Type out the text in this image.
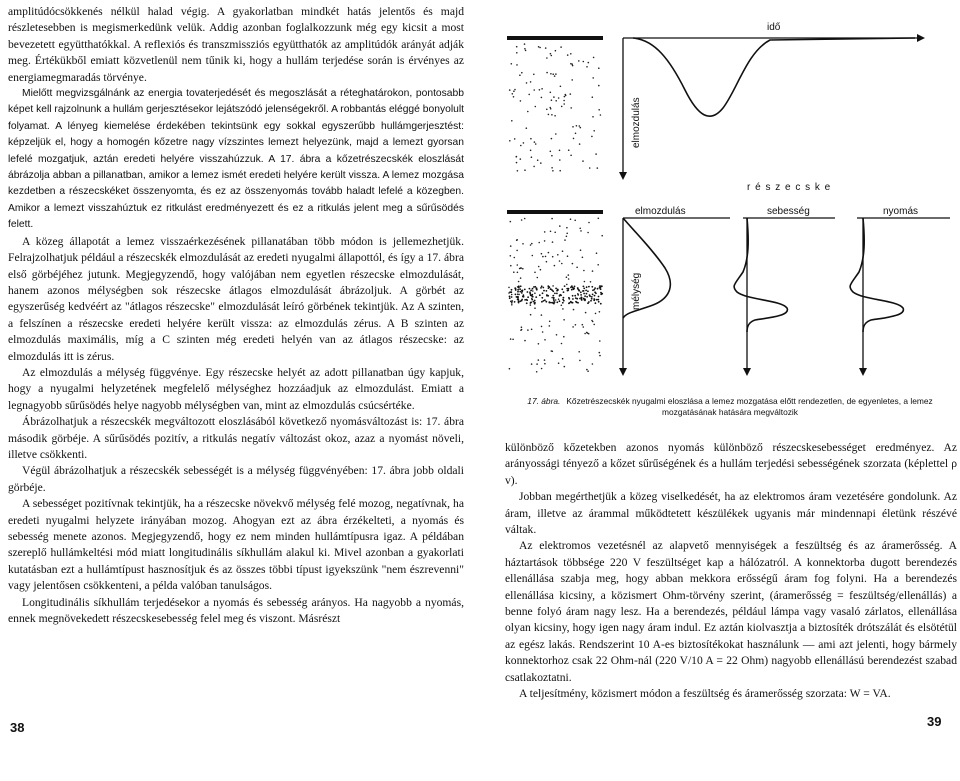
amplitúdócsökkenés nélkül halad végig. A gyakorlatban mindkét hatás jelentős és majd részletesebben is megismerkedünk velük. Addig azonban foglalkozzunk még egy kicsit a most bevezetett együtthatókkal. A reflexiós és transzmissziós együtthatók az amplitúdók arányát adják meg. Értékükből emiatt közvetlenül nem tűnik ki, hogy a hullám terjedése során is érvényes az energiamegmaradás törvénye.

Mielőtt megvizsgálnánk az energia tovaterjedését és megoszlását a réteghatárokon, pontosabb képet kell rajzolnunk a hullám gerjesztésekor lejátszódó jelenségekről. A robbantás eléggé bonyolult folyamat. A lényeg kiemelése érdekében tekintsünk egy sokkal egyszerűbb hullámgerjesztést: képzeljük el, hogy a homogén kőzetre nagy vízszintes lemezt helyezünk, majd a lemezt gyorsan lefelé mozgatjuk, aztán eredeti helyére visszahúzzuk. A 17. ábra a kőzetrészecskék eloszlását ábrázolja abban a pillanatban, amikor a lemez ismét eredeti helyére került vissza. A lemez mozgása kezdetben a részecskéket összenyomta, és ez az összenyomás tovább haladt lefelé a közegben. Amikor a lemezt visszahúztuk ez ritkulást eredményezett és ez a ritkulás jelent meg a sűrűsödés felett.

A közeg állapotát a lemez visszaérkezésének pillanatában több módon is jellemezhetjük. Felrajzolhatjuk például a részecskék elmozdulását az eredeti nyugalmi állapottól, és így a 17. ábra első görbéjéhez jutunk. Megjegyzendő, hogy valójában nem egyetlen részecske elmozdulását, hanem azonos mélységben sok részecske átlagos elmozdulását ábrázoljuk. A görbét az egyszerűség kedvéért az "átlagos részecske" elmozdulását leíró görbének tekintjük. Az A szinten, a felszínen a részecske eredeti helyére került vissza: az elmozdulás zérus. A B szinten az elmozdulás maximális, míg a C szinten még eredeti helyén van az átlagos részecske: az elmozdulás itt is zérus.

Az elmozdulás a mélység függvénye. Egy részecske helyét az adott pillanatban úgy kapjuk, hogy a nyugalmi helyzetének megfelelő mélységhez hozzáadjuk az elmozdulást. Emiatt a legnagyobb sűrűsödés helye nagyobb mélységben van, mint az elmozdulás csúcsértéke.

Ábrázolhatjuk a részecskék megváltozott eloszlásából következő nyomásváltozást is: 17. ábra második görbéje. A sűrűsödés pozitív, a ritkulás negatív változást okoz, azaz a nyomást növeli, illetve csökkenti.

Végül ábrázolhatjuk a részecskék sebességét is a mélység függvényében: 17. ábra jobb oldali görbéje.

A sebességet pozitívnak tekintjük, ha a részecske növekvő mélység felé mozog, negatívnak, ha eredeti nyugalmi helyzete irányában mozog. Ahogyan ezt az ábra érzékelteti, a nyomás és sebesség menete azonos. Megjegyzendő, hogy ez nem minden hullámtípusra igaz. A példában szereplő hullámkeltési mód miatt longitudinális síkhullám alakul ki. Mivel azonban a gyakorlati kutatásban ezt a hullámtípust hasznosítjuk és az összes többi típust igyekszünk "nem észrevenni" vagy jelentősen csökkenteni, a példa valóban tanulságos.

Longitudinális síkhullám terjedésekor a nyomás és sebesség arányos. Ha nagyobb a nyomás, ennek megnövekedett részecskesebesség felel meg és viszont. Másrészt

38
idő
elmozdulás
r é s z e c s k e
elmozdulás	sebesség	nyomás
mélység
17. ábra. Kőzetrészecskék nyugalmi eloszlása a lemez mozgatása előtt rendezetlen, de egyenletes, a lemez mozgatásának hatására megváltozik

különböző kőzetekben azonos nyomás különböző részecskesebességet eredményez. Az arányossági tényező a kőzet sűrűségének és a hullám terjedési sebességének szorzata (képlettel ρ v).

Jobban megérthetjük a közeg viselkedését, ha az elektromos áram vezetésére gondolunk. Az áram, illetve az árammal működtetett készülékek ugyanis már mindennapi életünk részévé váltak.

Az elektromos vezetésnél az alapvető mennyiségek a feszültség és az áramerősség. A háztartások többsége 220 V feszültséget kap a hálózatról. A konnektorba dugott berendezés ellenállása szabja meg, hogy abban mekkora erősségű áram fog folyni. Ha a berendezés ellenállása kicsiny, a közismert Ohm-törvény szerint, (áramerősség = feszültség/ellenállás) a benne folyó áram nagy lesz. Ha a berendezés, például lámpa vagy vasaló zárlatos, ellenállása olyan kicsiny, hogy igen nagy áram indul. Ez aztán kiolvasztja a biztosíték drótszálát és elsötétül az egész lakás. Rendszerint 10 A-es biztosítékokat használunk — ami azt jelenti, hogy bármely konnektorhoz csak 22 Ohm-nál (220 V/10 A = 22 Ohm) nagyobb ellenállású berendezést szabad csatlakoztatni.

A teljesítmény, közismert módon a feszültség és áramerősség szorzata: W = VA.

39
